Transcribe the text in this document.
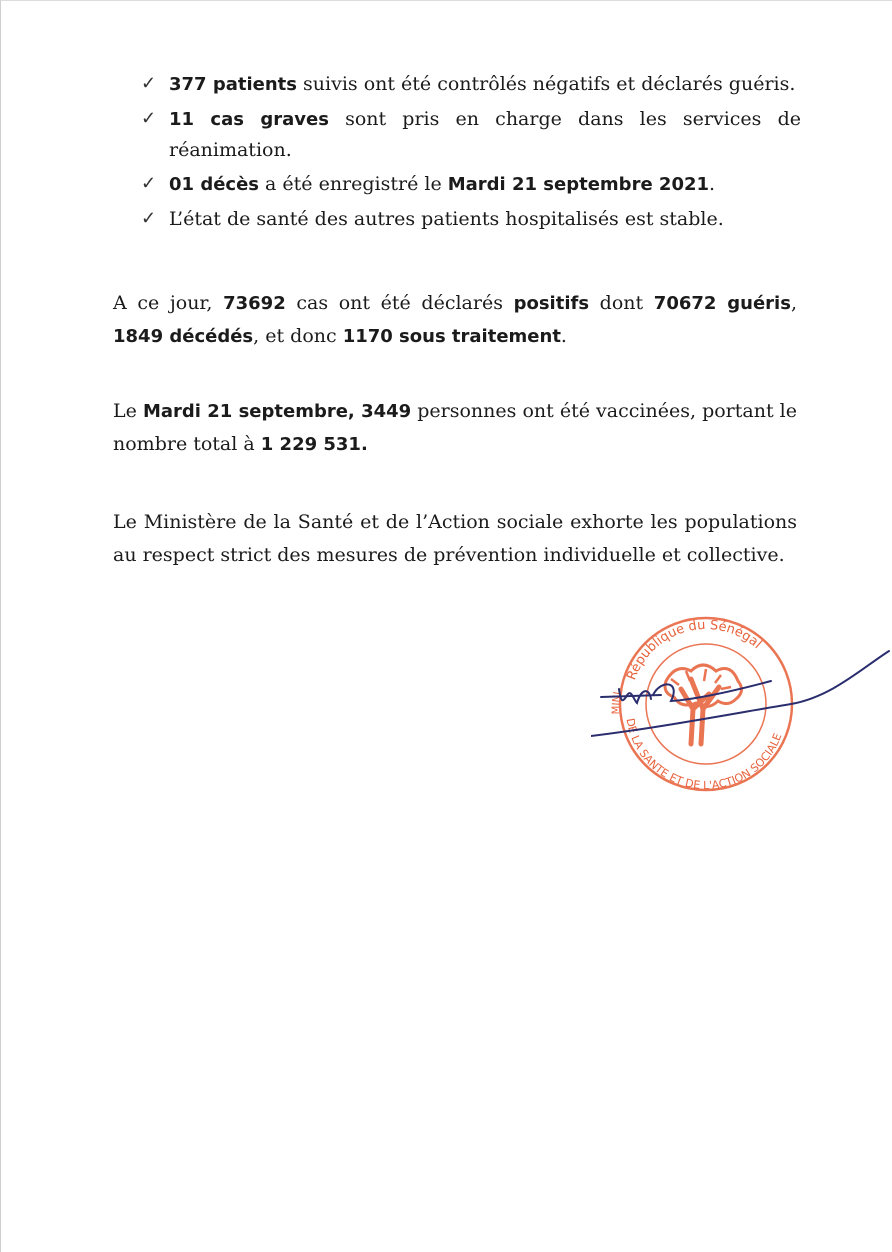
✓ 377 patients suivis ont été contrôlés négatifs et déclarés guéris.
✓ 11 cas graves sont pris en charge dans les services de réanimation.
✓ 01 décès a été enregistré le Mardi 21 septembre 2021.
✓ L’état de santé des autres patients hospitalisés est stable.
A ce jour, 73692 cas ont été déclarés positifs dont 70672 guéris, 1849 décédés, et donc 1170 sous traitement.
Le Mardi 21 septembre, 3449 personnes ont été vaccinées, portant le nombre total à 1 229 531.
Le Ministère de la Santé et de l’Action sociale exhorte les populations au respect strict des mesures de prévention individuelle et collective.
République du Sénégal
DE LA SANTE ET DE L'ACTION SOCIALE
MINI
